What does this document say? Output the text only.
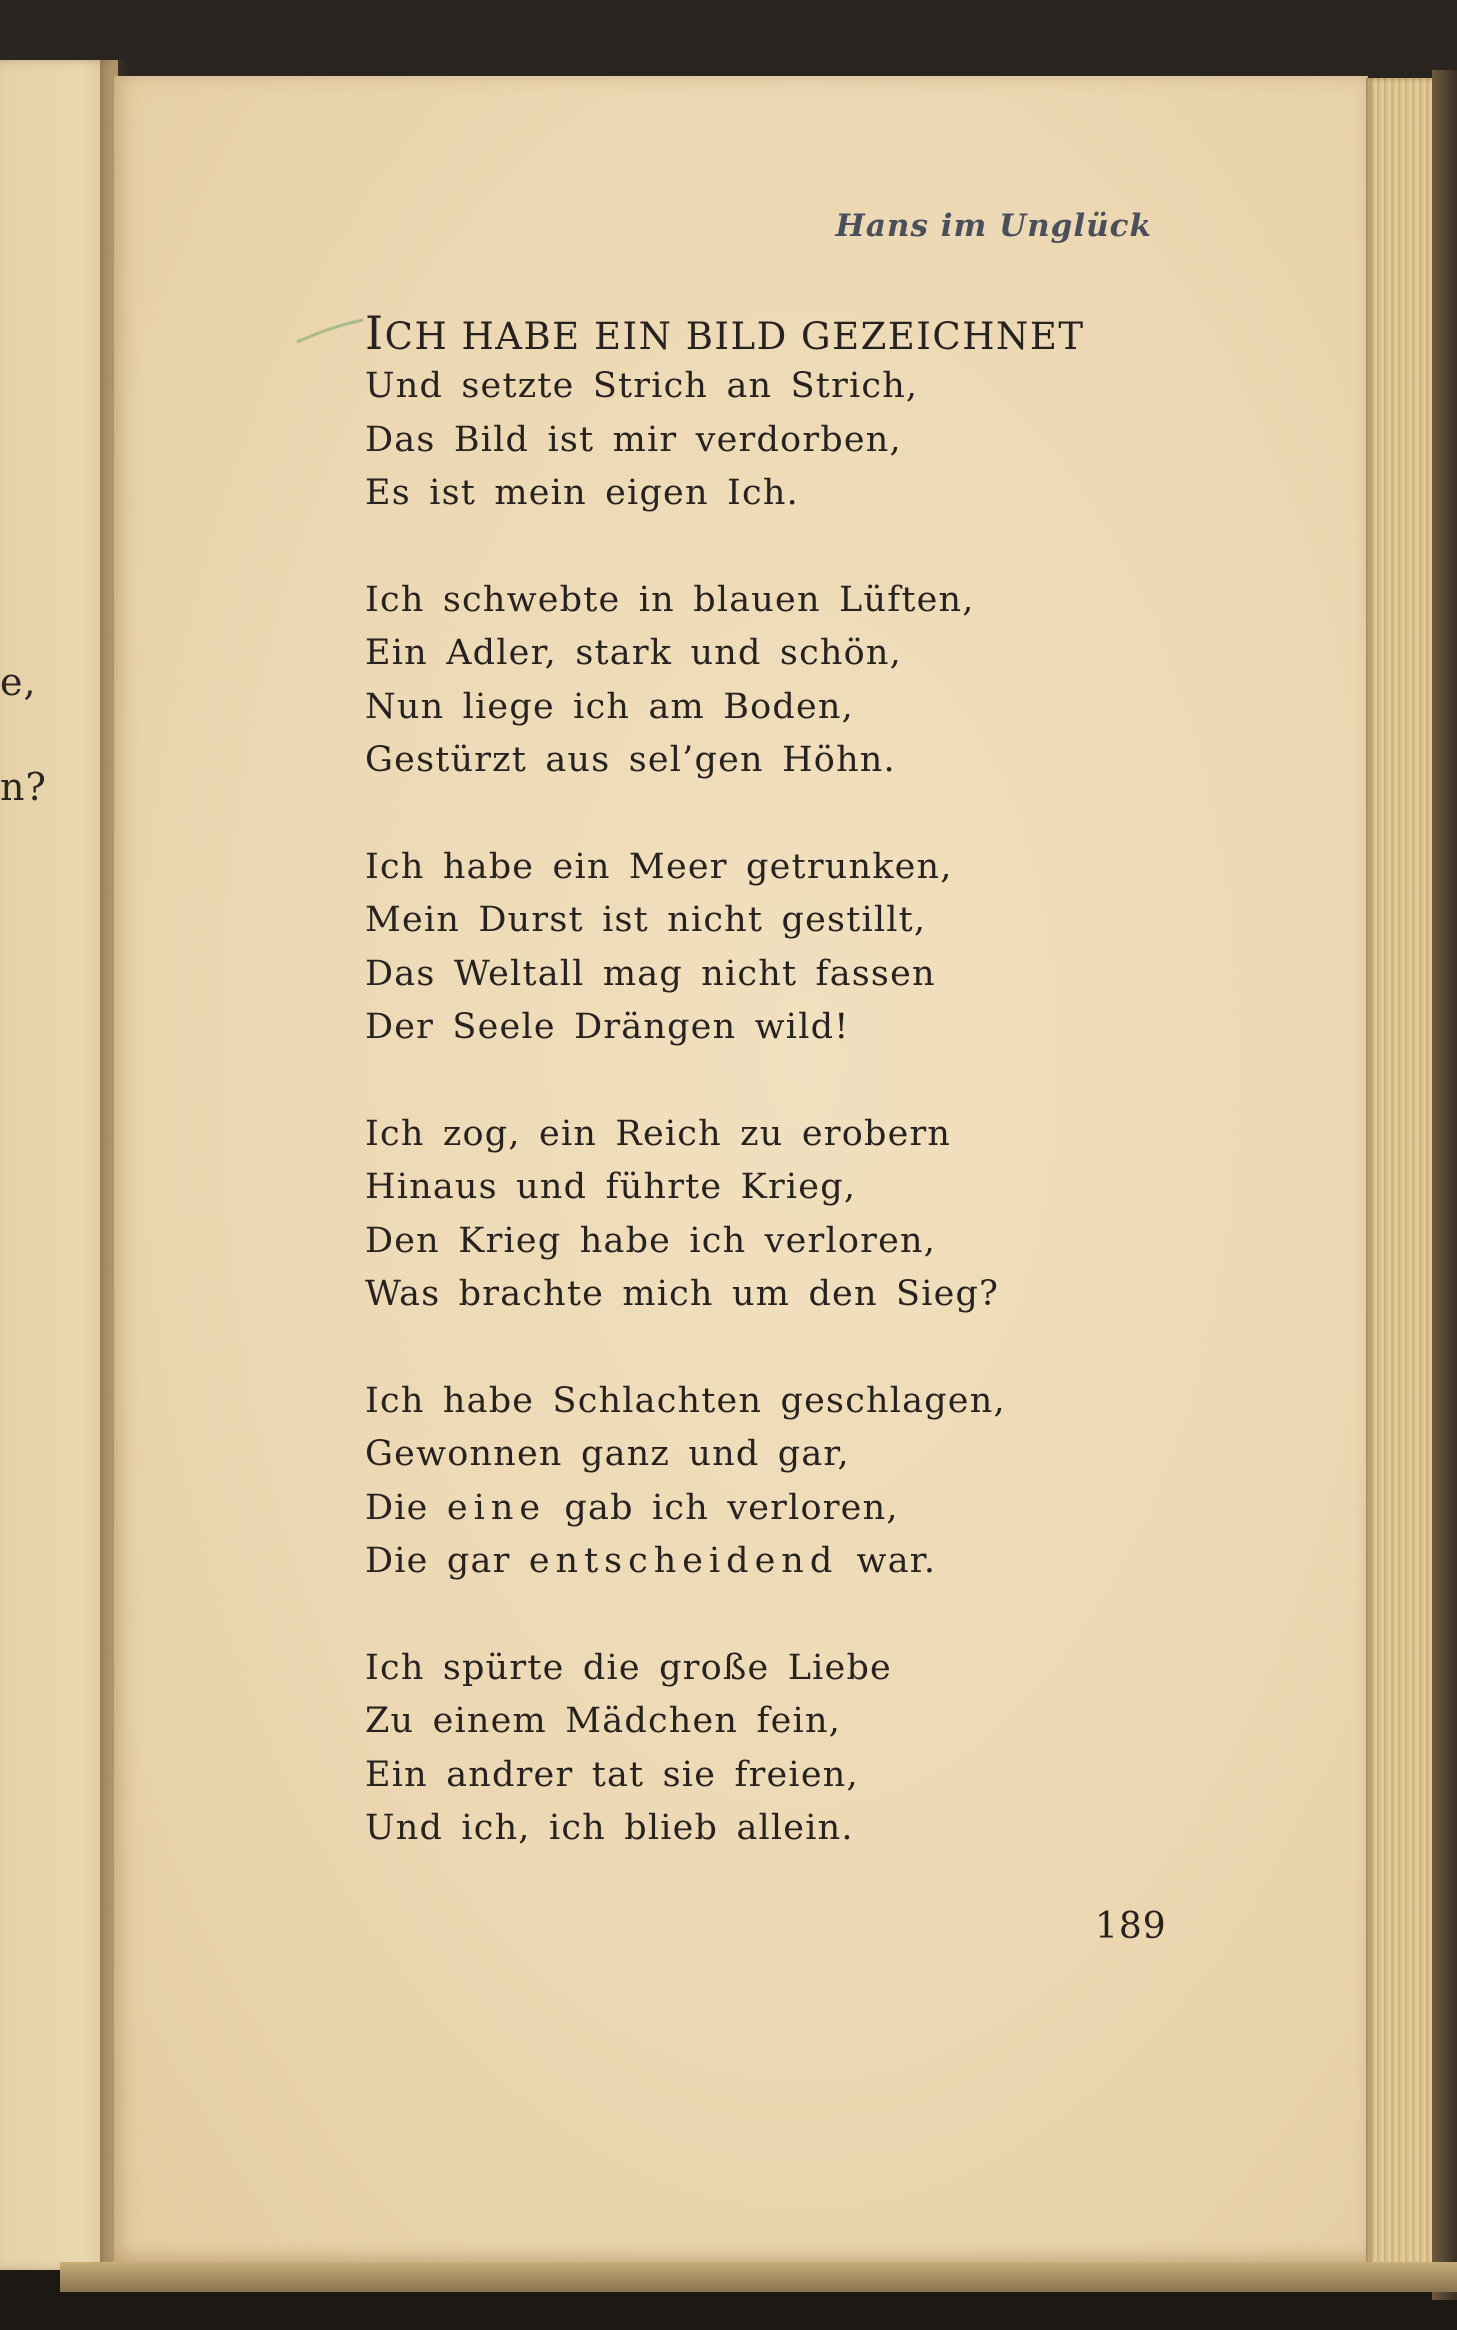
e,
n?
Hans im Unglück
ICH HABE EIN BILD GEZEICHNET
Und setzte Strich an Strich,
Das Bild ist mir verdorben,
Es ist mein eigen Ich.
Ich schwebte in blauen Lüften,
Ein Adler, stark und schön,
Nun liege ich am Boden,
Gestürzt aus sel’gen Höhn.
Ich habe ein Meer getrunken,
Mein Durst ist nicht gestillt,
Das Weltall mag nicht fassen
Der Seele Drängen wild!
Ich zog, ein Reich zu erobern
Hinaus und führte Krieg,
Den Krieg habe ich verloren,
Was brachte mich um den Sieg?
Ich habe Schlachten geschlagen,
Gewonnen ganz und gar,
Die eine gab ich verloren,
Die gar entscheidend war.
Ich spürte die große Liebe
Zu einem Mädchen fein,
Ein andrer tat sie freien,
Und ich, ich blieb allein.
189
